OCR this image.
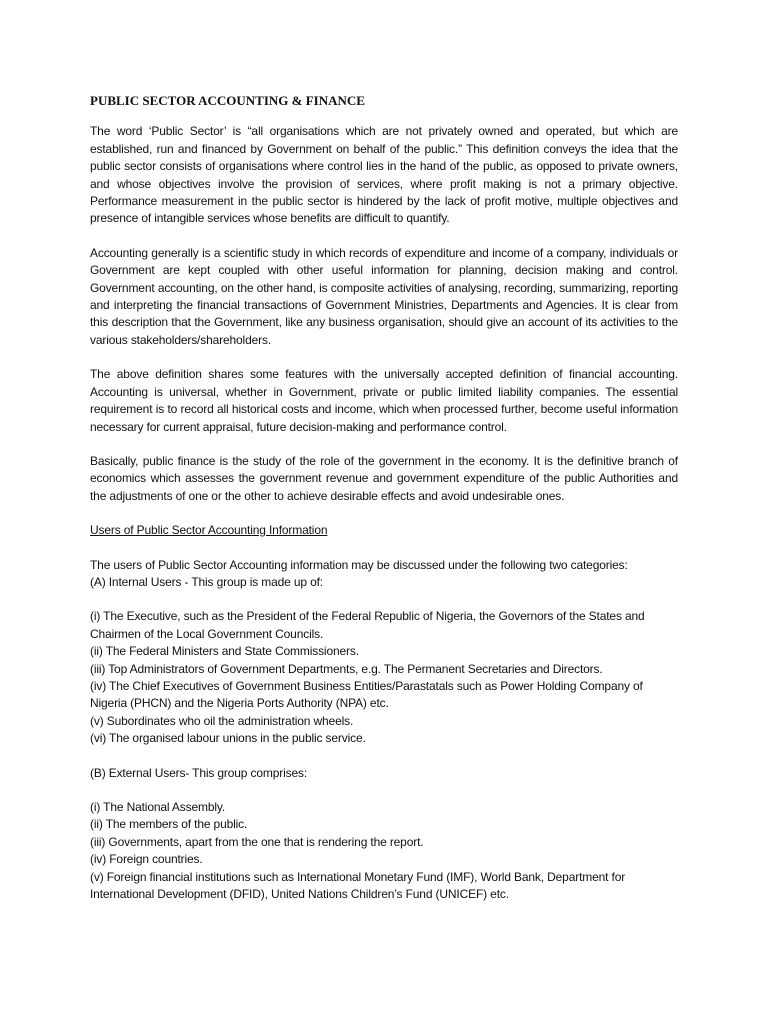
PUBLIC SECTOR ACCOUNTING & FINANCE
The word ‘Public Sector’ is “all organisations which are not privately owned and operated, but which are established, run and financed by Government on behalf of the public.” This definition conveys the idea that the public sector consists of organisations where control lies in the hand of the public, as opposed to private owners, and whose objectives involve the provision of services, where profit making is not a primary objective. Performance measurement in the public sector is hindered by the lack of profit motive, multiple objectives and presence of intangible services whose benefits are difficult to quantify.
Accounting generally is a scientific study in which records of expenditure and income of a company, individuals or Government are kept coupled with other useful information for planning, decision making and control. Government accounting, on the other hand, is composite activities of analysing, recording, summarizing, reporting and interpreting the financial transactions of Government Ministries, Departments and Agencies. It is clear from this description that the Government, like any business organisation, should give an account of its activities to the various stakeholders/shareholders.
The above definition shares some features with the universally accepted definition of financial accounting. Accounting is universal, whether in Government, private or public limited liability companies. The essential requirement is to record all historical costs and income, which when processed further, become useful information necessary for current appraisal, future decision-making and performance control.
Basically, public finance is the study of the role of the government in the economy. It is the definitive branch of economics which assesses the government revenue and government expenditure of the public Authorities and the adjustments of one or the other to achieve desirable effects and avoid undesirable ones.
Users of Public Sector Accounting Information
The users of Public Sector Accounting information may be discussed under the following two categories:
(A) Internal Users - This group is made up of:
(i) The Executive, such as the President of the Federal Republic of Nigeria, the Governors of the States and Chairmen of the Local Government Councils.
(ii) The Federal Ministers and State Commissioners.
(iii) Top Administrators of Government Departments, e.g. The Permanent Secretaries and Directors.
(iv) The Chief Executives of Government Business Entities/Parastatals such as Power Holding Company of Nigeria (PHCN) and the Nigeria Ports Authority (NPA) etc.
(v) Subordinates who oil the administration wheels.
(vi) The organised labour unions in the public service.
(B) External Users- This group comprises:
(i) The National Assembly.
(ii) The members of the public.
(iii) Governments, apart from the one that is rendering the report.
(iv) Foreign countries.
(v) Foreign financial institutions such as International Monetary Fund (IMF), World Bank, Department for International Development (DFID), United Nations Children’s Fund (UNICEF) etc.
